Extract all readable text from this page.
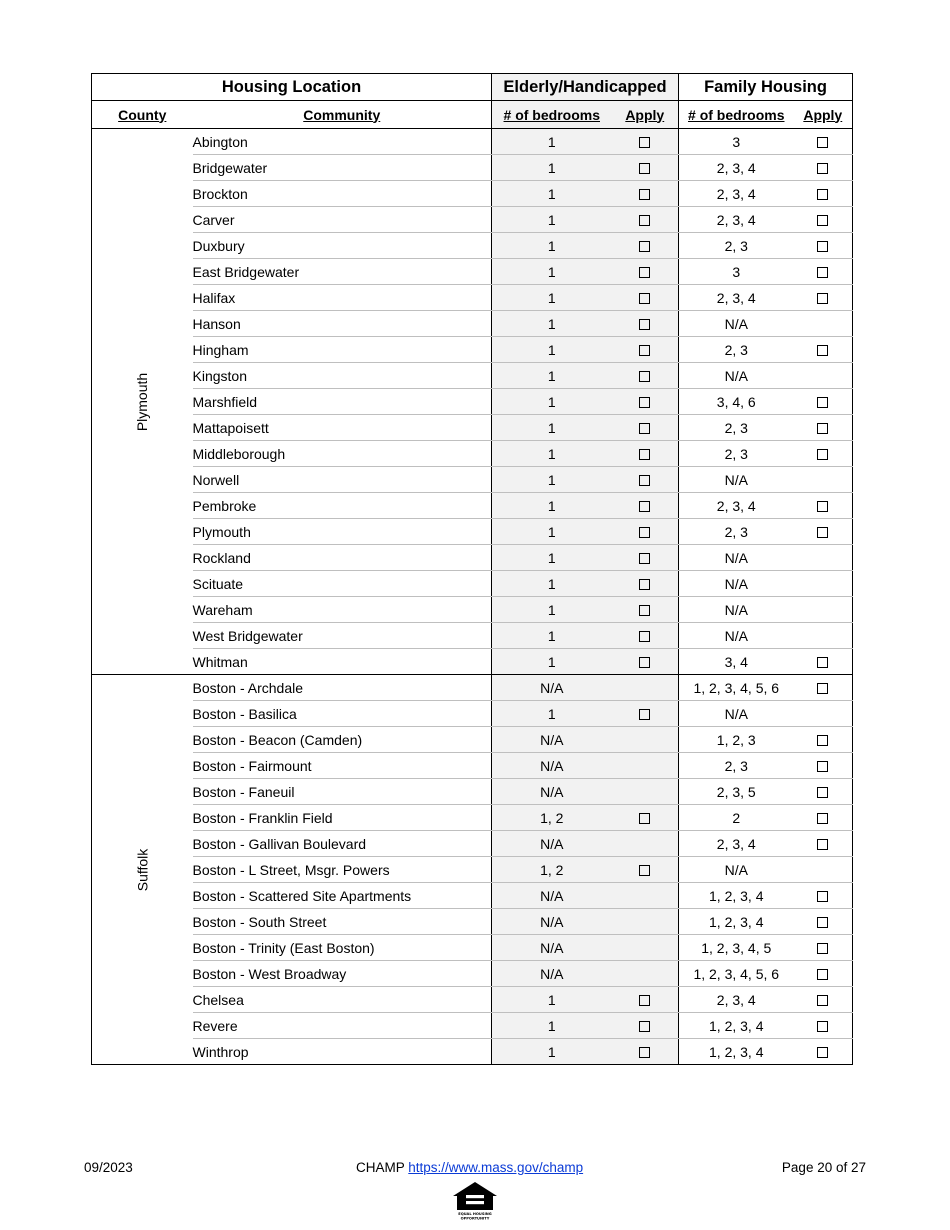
Housing Location		Elderly/Handicapped		Family Housing	
County	Community	# of bedrooms	Apply	# of bedrooms	Apply
Plymouth	Abington	1		3	
	Bridgewater	1		2, 3, 4	
	Brockton	1		2, 3, 4	
	Carver	1		2, 3, 4	
	Duxbury	1		2, 3	
	East Bridgewater	1		3	
	Halifax	1		2, 3, 4	
	Hanson	1		N/A	
	Hingham	1		2, 3	
	Kingston	1		N/A	
	Marshfield	1		3, 4, 6	
	Mattapoisett	1		2, 3	
	Middleborough	1		2, 3	
	Norwell	1		N/A	
	Pembroke	1		2, 3, 4	
	Plymouth	1		2, 3	
	Rockland	1		N/A	
	Scituate	1		N/A	
	Wareham	1		N/A	
	West Bridgewater	1		N/A	
	Whitman	1		3, 4	
Suffolk	Boston - Archdale	N/A		1, 2, 3, 4, 5, 6	
	Boston - Basilica	1		N/A	
	Boston - Beacon (Camden)	N/A		1, 2, 3	
	Boston - Fairmount	N/A		2, 3	
	Boston - Faneuil	N/A		2, 3, 5	
	Boston - Franklin Field	1, 2		2	
	Boston - Gallivan Boulevard	N/A		2, 3, 4	
	Boston - L Street, Msgr. Powers	1, 2		N/A	
	Boston - Scattered Site Apartments	N/A		1, 2, 3, 4	
	Boston - South Street	N/A		1, 2, 3, 4	
	Boston - Trinity (East Boston)	N/A		1, 2, 3, 4, 5	
	Boston - West Broadway	N/A		1, 2, 3, 4, 5, 6	
	Chelsea	1		2, 3, 4	
	Revere	1		1, 2, 3, 4	
	Winthrop	1		1, 2, 3, 4	
09/2023	CHAMP https://www.mass.gov/champ	Page 20 of 27
EQUAL HOUSING
OPPORTUNITY
